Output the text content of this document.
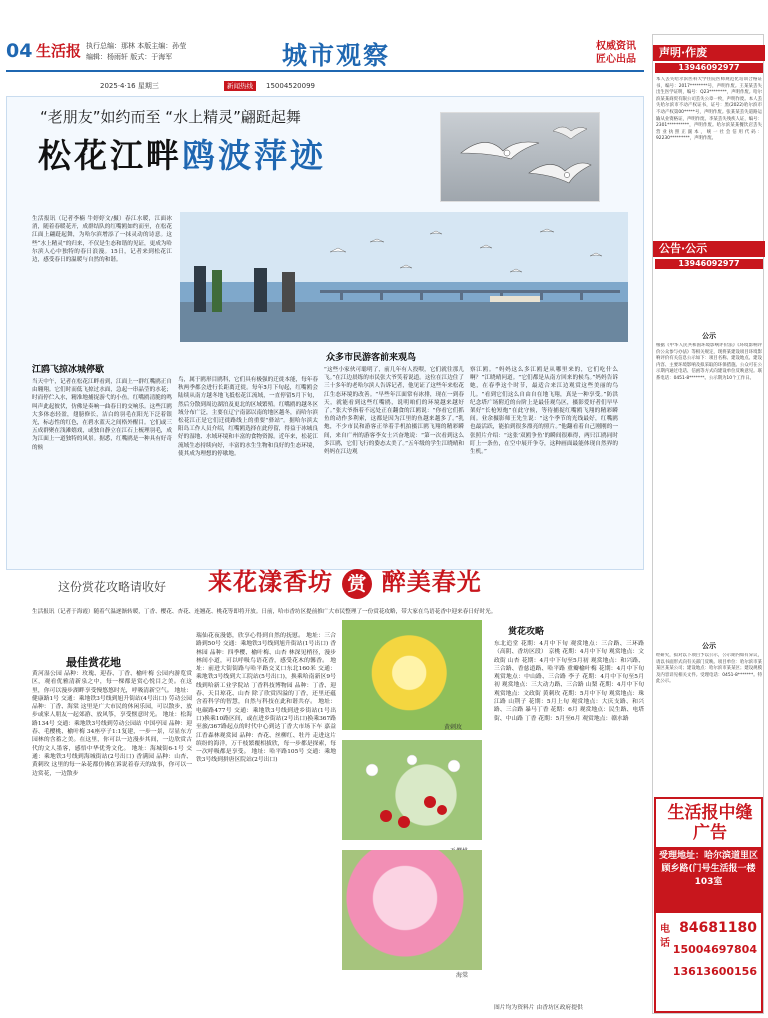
04 生活报 执行总编：那林 本版主编：孙莹
编辑：杨雨轩 版式：于海军	城市观察	权威资讯
匠心出品
2025·4·16 星期三	新闻热线	15004520099
“老朋友”如约而至 “水上精灵”翩跹起舞
松花江畔鸥波萍迹
生活报讯（记者李楠 牛婷婷文/摄）春江水暖，江面冰消，随着春暖花开，成群结队的红嘴鸥如约而至，在松花江面上翩跹起舞，为哈尔滨增添了一抹灵动的诗意。这些“水上精灵”的归来，不仅是生态和谐的见证，更成为哈尔滨人心中独特的春日浪漫。15日，记者来到松花江边，感受春日的温暖与自然的和谐。
江鸥飞掠冰城停歇
众多市民游客前来观鸟
当天中午，记者在松花江畔看到，江面上一群红嘴鸥正自由翱翔。它们时而低飞掠过水面，急起一串晶莹的水花；时而停伫入水，精准地捕捉游弋的小鱼。红嘴鸥清脆的鸣叫声此起彼伏，仿佛是奏响一曲春日的交响乐。这些江鸥大多体态轻盈，翅膀修长，洁白的羽毛在阳光下泛着银光，标志性的红色，在碧水蓝天之间格外醒目。它们或三五成群聚在浅滩嬉戏，或独自静立在江石上梳理羽毛，成为江面上一道独特的风景。据悉，红嘴鸥是一种具有好奇的候
鸟，属于鸥形目鸥科，它们具有极强的迁徙本能，每年春秋两季都会进行长距离迁徙。每年3月下旬起，红嘴鸥会陆续从南方越冬地飞抵松花江流域，一直停留5月下旬，然后分散到周边湖泊及更北的区域繁殖。红嘴鸥的越冬区域分布广泛，主要在辽宁南部以南的地区越冬，而哈尔滨松花江正是它们迁徙路线上的重要“驿站”。据哈尔滨太阳岛工作人员介绍，红嘴鸥选择在此停留，得益于冰城良好的湿地、水域环境和丰富的食物资源。近年来，松花江流域生态持续向好，丰富的水生生物和良好的生态环境，使其成为理想的停歇地。
“这些小家伙可聪明了，前几年有人投喂，它们就往那儿飞。”在江边晨练的市民张大爷笑着说道。这位在江边住了三十多年的老哈尔滨人告诉记者，他见证了这些年来松花江生态环境的改善。“早些年江面常有冰排，现在一到春天，就能看到这些红嘴鸥，说明咱们的环境越来越好了。”张大爷指着不远处正在翻食的江鸥说：“你看它们抓鱼的动作多利索，这都是因为江里的鱼越来越多了。”乳炮，不少市民和游客正举着手机拍摄江鸥飞翔的精彩瞬间，来自广州的游客李女士兴奋地说：“第一次看到这么多江鸥，它们飞行的姿态太美了。”五年级的学生江晓晴和妈妈在江边观
察江鸥。“妈妈这么多江鸥是从哪里来的，它们吃什么啊？”江晓晴问道。“它们都是从南方回来的候鸟。”妈妈告诉她，在春季这个时节，最适合来江边观赏这些美丽的鸟儿。“看到它们这么自由自在地飞翔，真是一种享受。”防洪纪念塔广场附近的台阶上是最佳观鸟区，摄影爱好者们早早架好“长枪短炮”在此守候，等待捕捉红嘴鸥飞翔的精彩瞬间。业余摄影师王先生说：“这个季节的光线最好，红嘴鸥也最活跃，能拍到很多漂亮的照片。”他翻看着自己刚刚的一张照片介绍：“这张‘双鸥争鱼’的瞬间很难得，两只江鸥同时盯上一条鱼，在空中展开争夺，这种画面最能体现自然界的生机。”
这份赏花攻略请收好 来花漾香坊 赏 醉美春光
生活报讯（记者于海霞）随着气温逐渐转暖，丁香、樱花、杏花、连翘花、桃花等即将开放。日前，哈市香坊区提前推广大市民整理了一份赏花攻略，带大家在鸟语花香中迎来春日好时光。
最佳赏花地
黄河湿公园 品种：玫瑰、迎春、丁香、榆叶梅 公园内游览赏区，观看优雅清新泉之中，每一棵都是赏心悦目之美。在这里，你可以漫步湖畔享受慢悠悠时光，呼吸清新空气。 地址：健康路1号 交通：乘地铁3号线到旭升街站(4号出口) 劳动公园 品种：丁香、海棠 这里是广大市民的休闲乐园，可以散步、放步或家人朋友一起郊游、放风筝，享受惬意时光。 地址：松海路134号 交通：乘地铁3号线到劳动公园站 中国亭园 品种：迎春、毛樱桃、榆叶梅 34座亭子1:1复建，一步一景，尽显东方园林的含蓄之美。在这里，你可以一边漫步其间，一边欣赏古代的文人墨客，感悟中华优秀文化。 地址：海城街6-1号 交通：乘地铁3号线到海城街站(2号出口) 香满园 品种：山杏、黄刺玫 这里的每一朵花都仿佛在诉说着春天的故事，你可以一边赏花，一边散步
瑞仙花夜漫德，欣享心得到自然的抚慰。 地址：三合路到50号 交通：乘地铁3号线到旭升街站(1号出口) 香林园 品种：四季樱、榆叶梅、山杏 林深见梢径，漫步林间小道，可以呼吸鸟语花香，感受花木的馨香。 地址：前进大街街路与哈平路交叉口东北160米 交通：乘地铁3号线到大工院站(5号出口)，换乘哈南新区9号线到哈新工业学院站 丁香科技博物园 品种：丁香、迎春、天目琼花、山杏 除了欣赏四溢的丁香，还里还蕴含着科学的智慧，自然与科技在此和谐共存。 地址：电碳路477号 交通：乘地铁3号线到进乡街站(1号出口)换乘10路区间，或在进乡街站(2号出口)换乘367路至旅/367路起点的时代中心到达丁香大市场下车 嘉益江香森林观赏园 品种：杏花、丝柳红、牡丹 走进这片缤纷的海洋，万千枝繁覆相拔欣，每一步都是探索，每一次呼吸都是享受。 地址：哈平路105号 交通：乘地铁3号线到拼唐区院站(2号出口)
黄刺玫
海棠
赏花攻略
东北追堂 花期：4月中下旬 观赏地点：三合路、三环路（高阴、香坊区段） 京桃 花期：4月中下旬 观赏地点：文政街 山杏 花期：4月中下旬至5月初 观赏地点：和兴路、三合路、香慈道路、哈平路 重瓣榆叶梅 花期：4月中下旬 观赏地点：中山路、三合路 李子 花期：4月中下旬至5月初 观赏地点：三大动力路、三合路 山梨 花期：4月中下旬 观赏地点：文政街 黄刺玫 花期：5月中下旬 观赏地点：珠江路 山荆子 花期：5月上旬 观赏地点：大庆支路、和兴路、三合路 暴马丁香 花期：6月 观赏地点：民生路、电塔街、中山路 丁香 花期：5月至6月 观赏地点：赣水路
图片均为资料片 由香坊区政府提供
声明·作废
13946092977
本人丢失哈尔滨医科大学住院医师规范化培训合格证书，编号：2017********号，声明作废。王某某丢失出生医学证明，编号：Q23********，声明作废。哈尔滨某某商贸有限公司丢失公章一枚，声明作废。本人丢失哈尔滨市不动产权证书，证号：黑(2022)哈尔滨市不动产权第00*****号，声明作废。张某某丢失道路运输从业资格证，声明作废。李某丢失残疾人证，编号：2301**********，声明作废。哈尔滨某某餐饮店丢失营业执照正副本，统一社会信用代码：92230*********，声明作废。
公告·公示
13946092977
公示
根据《中华人民共和国环境影响评价法》《环境影响评价公众参与办法》等相关规定，现将某建设项目环境影响评价有关信息公示如下：项目名称、建设地点、建设内容、主要环境影响及拟采取的环保措施。公众可在公示期内通过电话、信函等方式向建设单位反映意见。联系电话：0451-8*******。公示期为10个工作日。
公示
经研究，拟对以下项目予以公示，公示期内如有异议，请以书面形式向有关部门反映。项目单位：哈尔滨市某某区某某公司；建设地点：哈尔滨市某某区；建设规模及内容详见相关文件。受理电话：0451-8*******。特此公示。
生活报中缝广告
受理地址：哈尔滨道里区顾乡路(门号生活报一楼103室
电话
84681180
15004697804
13613600156
